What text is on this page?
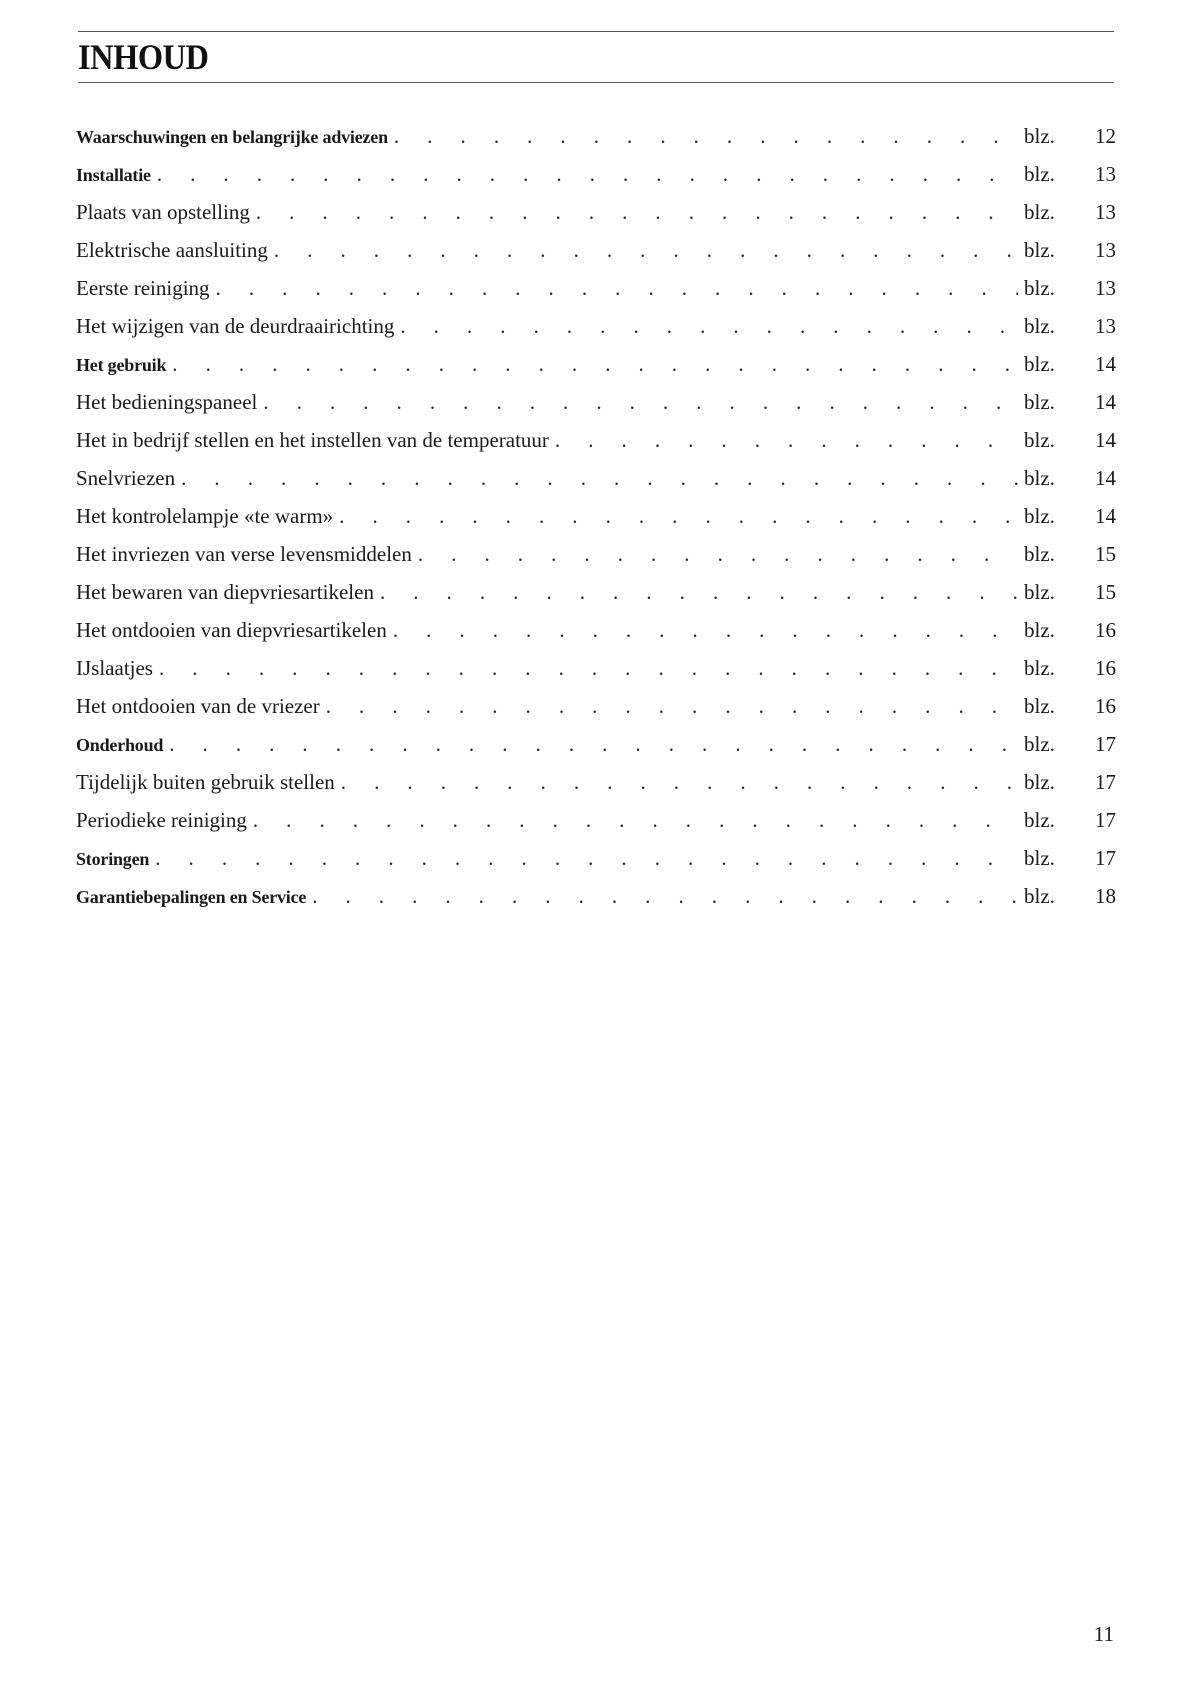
INHOUD
Waarschuwingen en belangrijke adviezen . . .	blz.	12
Installatie . . .	blz.	13
Plaats van opstelling . . .	blz.	13
Elektrische aansluiting . . .	blz.	13
Eerste reiniging . . .	blz.	13
Het wijzigen van de deurdraairichting . . .	blz.	13
Het gebruik . . .	blz.	14
Het bedieningspaneel . . .	blz.	14
Het in bedrijf stellen en het instellen van de temperatuur . . .	blz.	14
Snelvriezen . . .	blz.	14
Het kontrolelampje «te warm» . . .	blz.	14
Het invriezen van verse levensmiddelen . . .	blz.	15
Het bewaren van diepvriesartikelen . . .	blz.	15
Het ontdooien van diepvriesartikelen . . .	blz.	16
IJslaatjes . . .	blz.	16
Het ontdooien van de vriezer . . .	blz.	16
Onderhoud . . .	blz.	17
Tijdelijk buiten gebruik stellen . . .	blz.	17
Periodieke reiniging . . .	blz.	17
Storingen . . .	blz.	17
Garantiebepalingen en Service . . .	blz.	18
11
